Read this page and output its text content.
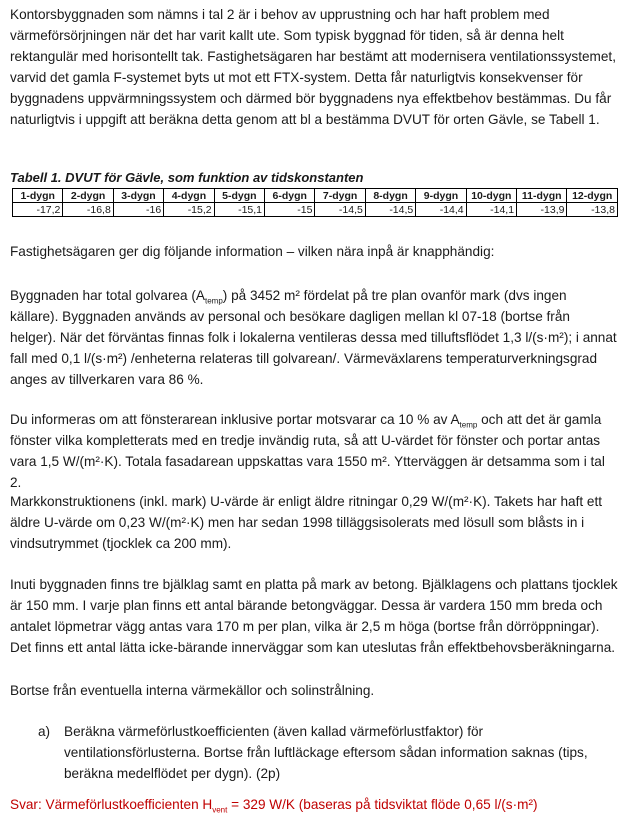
Kontorsbyggnaden som nämns i tal 2 är i behov av upprustning och har haft problem med värmeförsörjningen när det har varit kallt ute. Som typisk byggnad för tiden, så är denna helt rektangulär med horisontellt tak. Fastighetsägaren har bestämt att modernisera ventilationssystemet, varvid det gamla F-systemet byts ut mot ett FTX-system. Detta får naturligtvis konsekvenser för byggnadens uppvärmningssystem och därmed bör byggnadens nya effektbehov bestämmas. Du får naturligtvis i uppgift att beräkna detta genom att bl a bestämma DVUT för orten Gävle, se Tabell 1.

Tabell 1. DVUT för Gävle, som funktion av tidskonstanten
1-dygn	2-dygn	3-dygn	4-dygn	5-dygn	6-dygn	7-dygn	8-dygn	9-dygn	10-dygn	11-dygn	12-dygn
-17,2	-16,8	-16	-15,2	-15,1	-15	-14,5	-14,5	-14,4	-14,1	-13,9	-13,8

Fastighetsägaren ger dig följande information – vilken nära inpå är knapphändig:

Byggnaden har total golvarea $(A_{temp})$ på 3452 m² fördelat på tre plan ovanför mark (dvs ingen källare). Byggnaden används av personal och besökare dagligen mellan kl 07-18 (bortse från helger). När det förväntas finnas folk i lokalerna ventileras dessa med tilluftsflödet 1,3 l/(s·m²); i annat fall med 0,1 l/(s·m²) /enheterna relateras till golvarean/. Värmeväxlarens temperaturverkningsgrad anges av tillverkaren vara 86 %.

Du informeras om att fönsterarean inklusive portar motsvarar ca 10 % av $A_{temp}$ och att det är gamla fönster vilka kompletterats med en tredje invändig ruta, så att U-värdet för fönster och portar antas vara 1,5 W/(m²·K). Totala fasadarean uppskattas vara 1550 m². Ytterväggen är detsamma som i tal 2.

Markkonstruktionens (inkl. mark) U-värde är enligt äldre ritningar 0,29 W/(m²·K). Takets har haft ett äldre U-värde om 0,23 W/(m²·K) men har sedan 1998 tilläggsisolerats med lösull som blåsts in i vindsutrymmet (tjocklek ca 200 mm).

Inuti byggnaden finns tre bjälklag samt en platta på mark av betong. Bjälklagens och plattans tjocklek är 150 mm. I varje plan finns ett antal bärande betongväggar. Dessa är vardera 150 mm breda och antalet löpmetrar vägg antas vara 170 m per plan, vilka är 2,5 m höga (bortse från dörröppningar). Det finns ett antal lätta icke-bärande innerväggar som kan uteslutas från effektbehovsberäkningarna.

Bortse från eventuella interna värmekällor och solinstrålning.

a)	Beräkna värmeförlustkoefficienten (även kallad värmeförlustfaktor) för ventilationsförlusterna. Bortse från luftläckage eftersom sådan information saknas (tips, beräkna medelflödet per dygn). (2p)

Svar: Värmeförlustkoefficienten $H_{vent} = 329$ W/K (baseras på tidsviktat flöde 0,65 l/(s·m²)
